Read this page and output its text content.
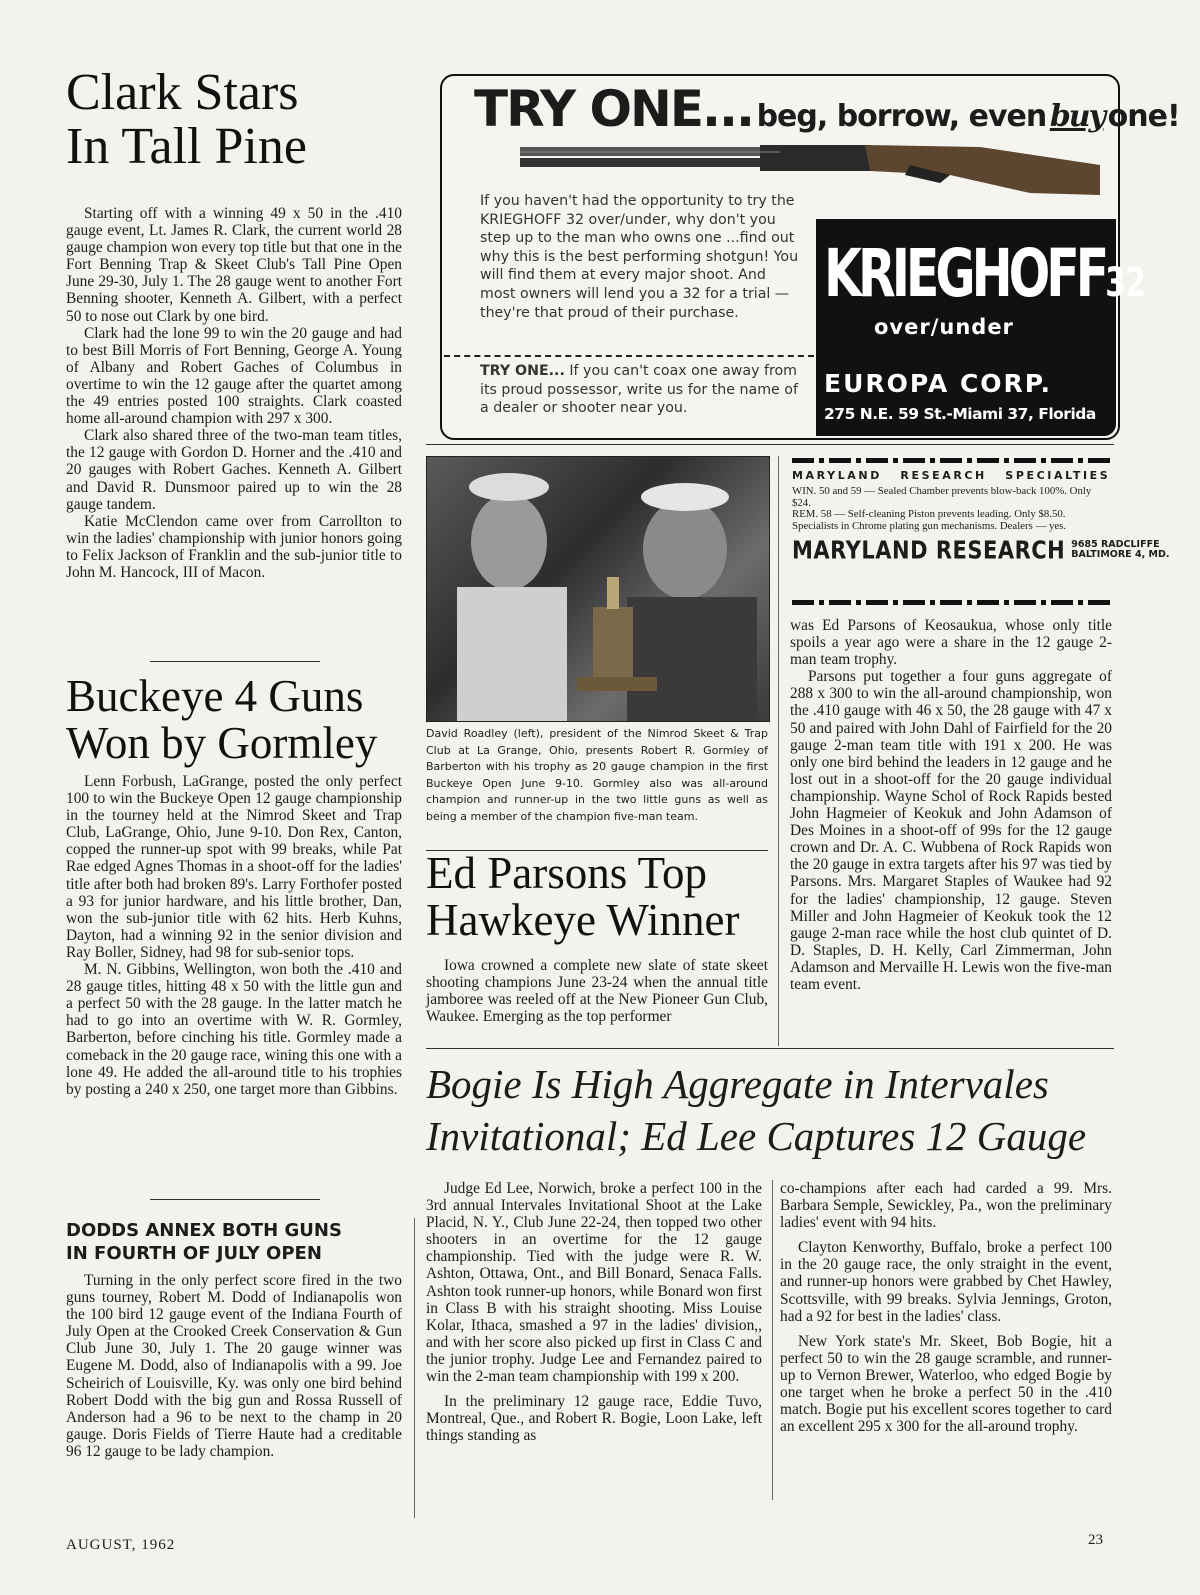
Clark Stars
In Tall Pine

Starting off with a winning 49 x 50 in the .410 gauge event, Lt. James R. Clark, the current world 28 gauge champion won every top title but that one in the Fort Benning Trap & Skeet Club's Tall Pine Open June 29-30, July 1. The 28 gauge went to another Fort Benning shooter, Kenneth A. Gilbert, with a perfect 50 to nose out Clark by one bird.

Clark had the lone 99 to win the 20 gauge and had to best Bill Morris of Fort Benning, George A. Young of Albany and Robert Gaches of Columbus in overtime to win the 12 gauge after the quartet among the 49 entries posted 100 straights. Clark coasted home all-around champion with 297 x 300.

Clark also shared three of the two-man team titles, the 12 gauge with Gordon D. Horner and the .410 and 20 gauges with Robert Gaches. Kenneth A. Gilbert and David R. Dunsmoor paired up to win the 28 gauge tandem.

Katie McClendon came over from Carrollton to win the ladies' championship with junior honors going to Felix Jackson of Franklin and the sub-junior title to John M. Hancock, III of Macon.

Buckeye 4 Guns
Won by Gormley

Lenn Forbush, LaGrange, posted the only perfect 100 to win the Buckeye Open 12 gauge championship in the tourney held at the Nimrod Skeet and Trap Club, LaGrange, Ohio, June 9-10. Don Rex, Canton, copped the runner-up spot with 99 breaks, while Pat Rae edged Agnes Thomas in a shoot-off for the ladies' title after both had broken 89's. Larry Forthofer posted a 93 for junior hardware, and his little brother, Dan, won the sub-junior title with 62 hits. Herb Kuhns, Dayton, had a winning 92 in the senior division and Ray Boller, Sidney, had 98 for sub-senior tops.

M. N. Gibbins, Wellington, won both the .410 and 28 gauge titles, hitting 48 x 50 with the little gun and a perfect 50 with the 28 gauge. In the latter match he had to go into an overtime with W. R. Gormley, Barberton, before cinching his title. Gormley made a comeback in the 20 gauge race, wining this one with a lone 49. He added the all-around title to his trophies by posting a 240 x 250, one target more than Gibbins.

DODDS ANNEX BOTH GUNS
IN FOURTH OF JULY OPEN

Turning in the only perfect score fired in the two guns tourney, Robert M. Dodd of Indianapolis won the 100 bird 12 gauge event of the Indiana Fourth of July Open at the Crooked Creek Conservation & Gun Club June 30, July 1. The 20 gauge winner was Eugene M. Dodd, also of Indianapolis with a 99. Joe Scheirich of Louisville, Ky. was only one bird behind Robert Dodd with the big gun and Rossa Russell of Anderson had a 96 to be next to the champ in 20 gauge. Doris Fields of Tierre Haute had a creditable 96 12 gauge to be lady champion.

TRY ONE... beg, borrow, even buy one!
If you haven't had the opportunity to try the KRIEGHOFF 32 over/under, why don't you step up to the man who owns one ...find out why this is the best performing shotgun! You will find them at every major shoot. And most owners will lend you a 32 for a trial — they're that proud of their purchase.
TRY ONE... If you can't coax one away from its proud possessor, write us for the name of a dealer or shooter near you.
KRIEGHOFF32
over/under
EUROPA CORP.
275 N.E. 59 St.-Miami 37, Florida
David Roadley (left), president of the Nimrod Skeet & Trap Club at La Grange, Ohio, presents Robert R. Gormley of Barberton with his trophy as 20 gauge champion in the first Buckeye Open June 9-10. Gormley also was all-around champion and runner-up in the two little guns as well as being a member of the champion five-man team.
Ed Parsons Top
Hawkeye Winner

Iowa crowned a complete new slate of state skeet shooting champions June 23-24 when the annual title jamboree was reeled off at the New Pioneer Gun Club, Waukee. Emerging as the top performer

MARYLAND RESEARCH SPECIALTIES
WIN. 50 and 59 — Sealed Chamber prevents blow-back 100%. Only $24.
REM. 58 — Self-cleaning Piston prevents leading. Only $8.50.
Specialists in Chrome plating gun mechanisms. Dealers — yes.
MARYLAND RESEARCH 9685 RADCLIFFE
BALTIMORE 4, MD.

was Ed Parsons of Keosaukua, whose only title spoils a year ago were a share in the 12 gauge 2-man team trophy.

Parsons put together a four guns aggregate of 288 x 300 to win the all-around championship, won the .410 gauge with 46 x 50, the 28 gauge with 47 x 50 and paired with John Dahl of Fairfield for the 20 gauge 2-man team title with 191 x 200. He was only one bird behind the leaders in 12 gauge and he lost out in a shoot-off for the 20 gauge individual championship. Wayne Schol of Rock Rapids bested John Hagmeier of Keokuk and John Adamson of Des Moines in a shoot-off of 99s for the 12 gauge crown and Dr. A. C. Wubbena of Rock Rapids won the 20 gauge in extra targets after his 97 was tied by Parsons. Mrs. Margaret Staples of Waukee had 92 for the ladies' championship, 12 gauge. Steven Miller and John Hagmeier of Keokuk took the 12 gauge 2-man race while the host club quintet of D. D. Staples, D. H. Kelly, Carl Zimmerman, John Adamson and Mervaille H. Lewis won the five-man team event.

Bogie Is High Aggregate in Intervales
Invitational; Ed Lee Captures 12 Gauge

Judge Ed Lee, Norwich, broke a perfect 100 in the 3rd annual Intervales Invitational Shoot at the Lake Placid, N. Y., Club June 22-24, then topped two other shooters in an overtime for the 12 gauge championship. Tied with the judge were R. W. Ashton, Ottawa, Ont., and Bill Bonard, Senaca Falls. Ashton took runner-up honors, while Bonard won first in Class B with his straight shooting. Miss Louise Kolar, Ithaca, smashed a 97 in the ladies' division,, and with her score also picked up first in Class C and the junior trophy. Judge Lee and Fernandez paired to win the 2-man team championship with 199 x 200.

In the preliminary 12 gauge race, Eddie Tuvo, Montreal, Que., and Robert R. Bogie, Loon Lake, left things standing as

co-champions after each had carded a 99. Mrs. Barbara Semple, Sewickley, Pa., won the preliminary ladies' event with 94 hits.

Clayton Kenworthy, Buffalo, broke a perfect 100 in the 20 gauge race, the only straight in the event, and runner-up honors were grabbed by Chet Hawley, Scottsville, with 99 breaks. Sylvia Jennings, Groton, had a 92 for best in the ladies' class.

New York state's Mr. Skeet, Bob Bogie, hit a perfect 50 to win the 28 gauge scramble, and runner-up to Vernon Brewer, Waterloo, who edged Bogie by one target when he broke a perfect 50 in the .410 match. Bogie put his excellent scores together to card an excellent 295 x 300 for the all-around trophy.

AUGUST, 1962	23
